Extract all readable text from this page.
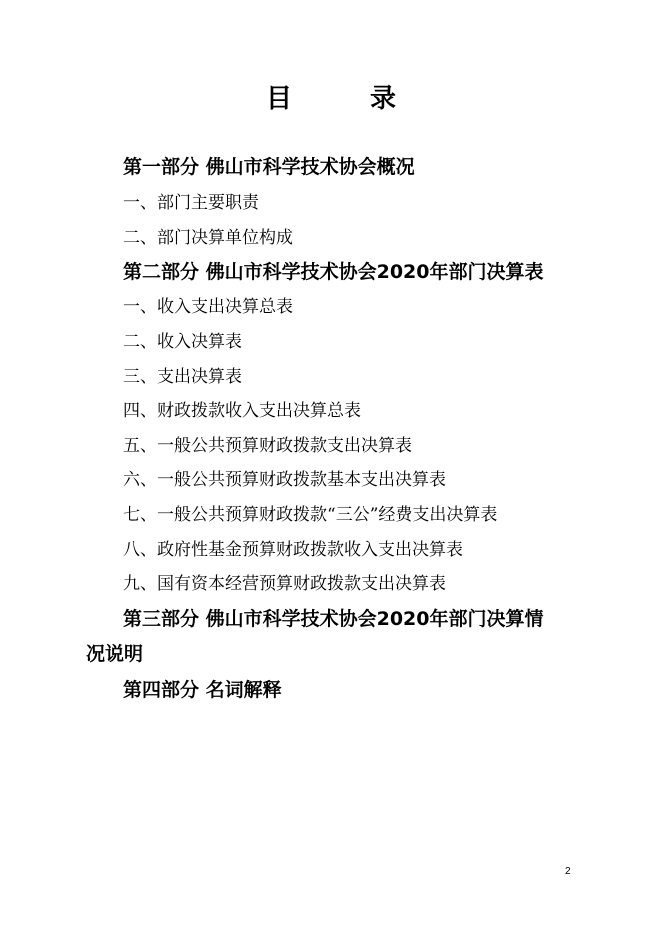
目	录
第一部分 佛山市科学技术协会概况
一、部门主要职责
二、部门决算单位构成
第二部分 佛山市科学技术协会2020年部门决算表
一、收入支出决算总表
二、收入决算表
三、支出决算表
四、财政拨款收入支出决算总表
五、一般公共预算财政拨款支出决算表
六、一般公共预算财政拨款基本支出决算表
七、一般公共预算财政拨款“三公”经费支出决算表
八、政府性基金预算财政拨款收入支出决算表
九、国有资本经营预算财政拨款支出决算表
第三部分 佛山市科学技术协会2020年部门决算情
况说明
第四部分 名词解释
2
